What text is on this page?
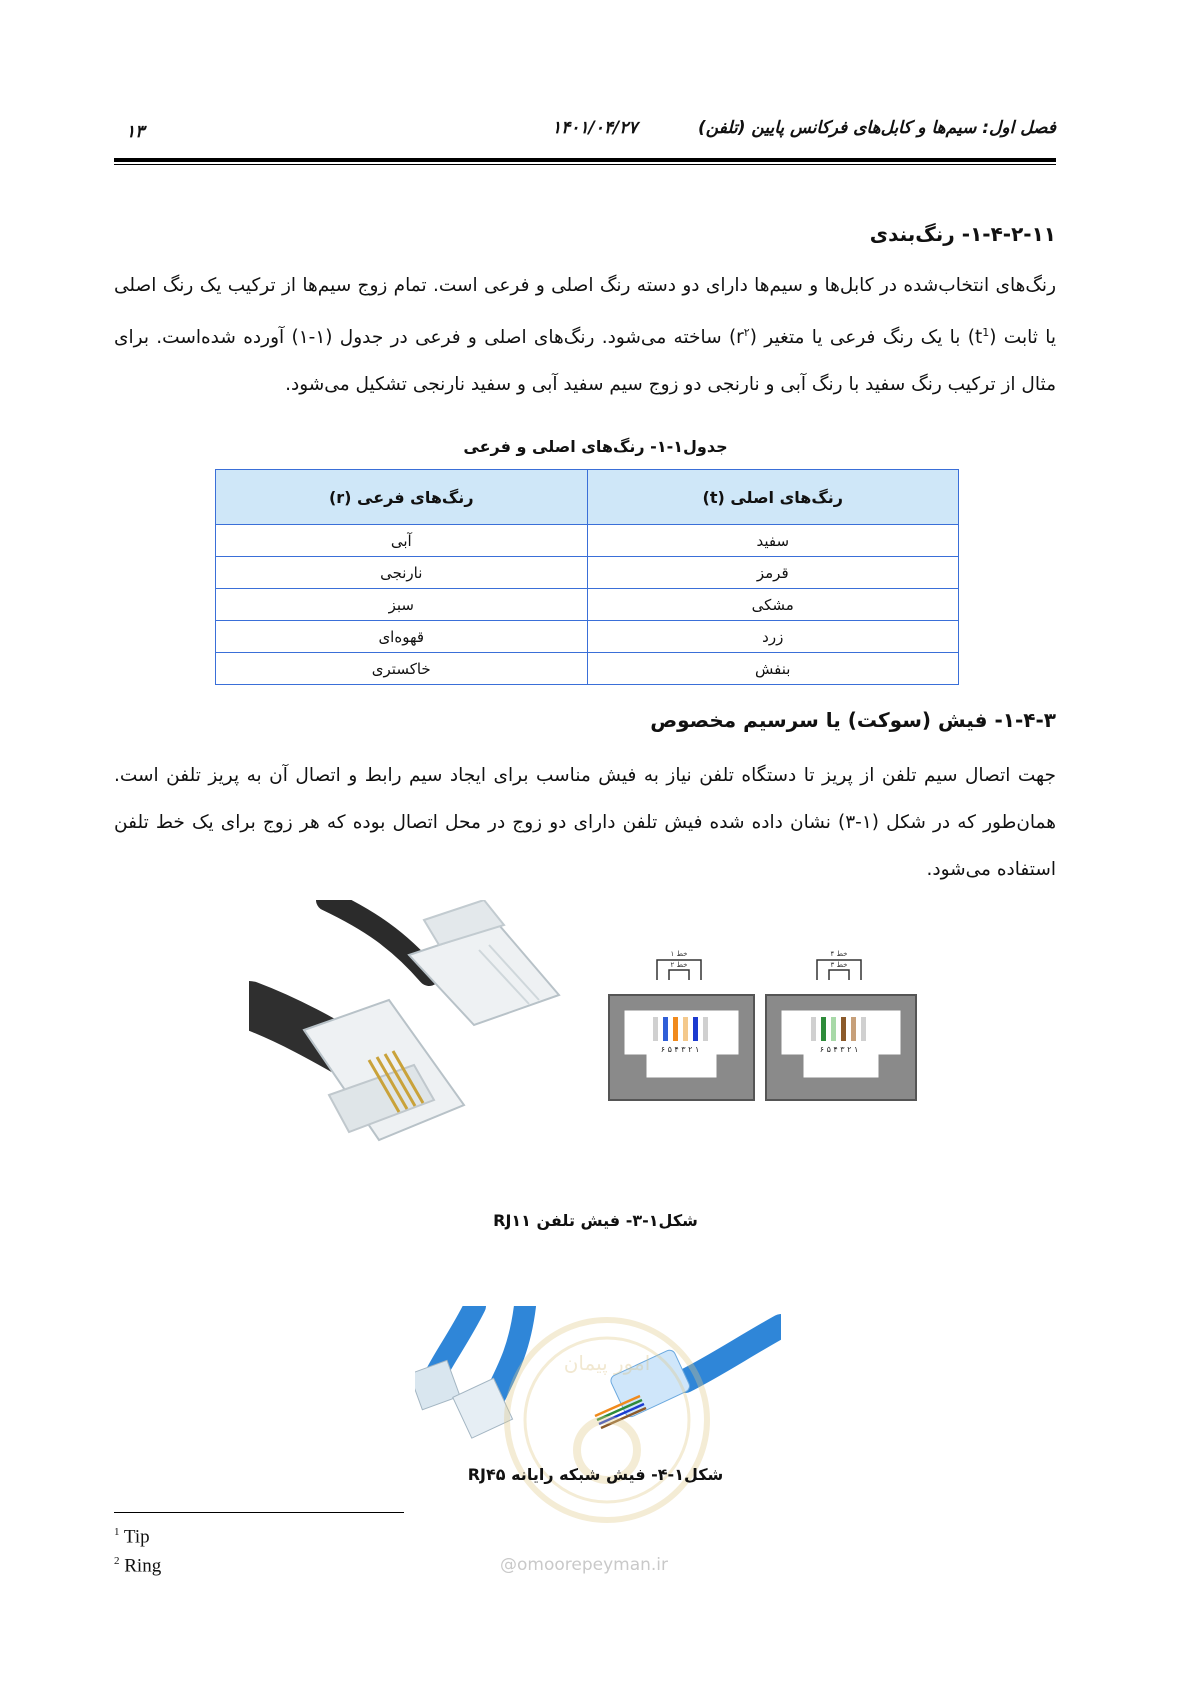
فصل اول: سیم‌ها و کابل‌های فرکانس پایین (تلفن)
۱۴۰۱/۰۴/۲۷
۱۳
۱-۴-۲-۱۱- رنگ‌بندی

رنگ‌های انتخاب‌شده در کابل‌ها و سیم‌ها دارای دو دسته رنگ اصلی و فرعی است. تمام زوج سیم‌ها از ترکیب یک رنگ اصلی یا ثابت $(t^1)$ با یک رنگ فرعی یا متغیر $(r^۲)$ ساخته می‌شود. رنگ‌های اصلی و فرعی در جدول (۱-۱) آورده شده‌است. برای مثال از ترکیب رنگ سفید با رنگ آبی و نارنجی دو زوج سیم سفید آبی و سفید نارنجی تشکیل می‌شود.

جدول۱-۱- رنگ‌های اصلی و فرعی
رنگ‌های اصلی (t)	رنگ‌های فرعی (r)
سفید	آبی
قرمز	نارنجی
مشکی	سبز
زرد	قهوه‌ای
بنفش	خاکستری
۱-۴-۳- فیش (سوکت) یا سرسیم مخصوص

جهت اتصال سیم تلفن از پریز تا دستگاه تلفن نیاز به فیش مناسب برای ایجاد سیم رابط و اتصال آن به پریز تلفن است. همان‌طور که در شکل (۱-۳) نشان داده شده فیش تلفن دارای دو زوج در محل اتصال بوده که هر زوج برای یک خط تلفن استفاده می‌شود.

۱ ۲ ۳ ۴ ۵ ۶
خط ۱
خط ۲
۱ ۲ ۳ ۴ ۵ ۶
خط ۴
خط ۳
شکل۱-۳- فیش تلفن RJ۱۱
امور پیمان
شکل۱-۴- فیش شبکه رایانه RJ۴۵
$^1$ Tip
$^2$ Ring	@omoorepeyman.ir
